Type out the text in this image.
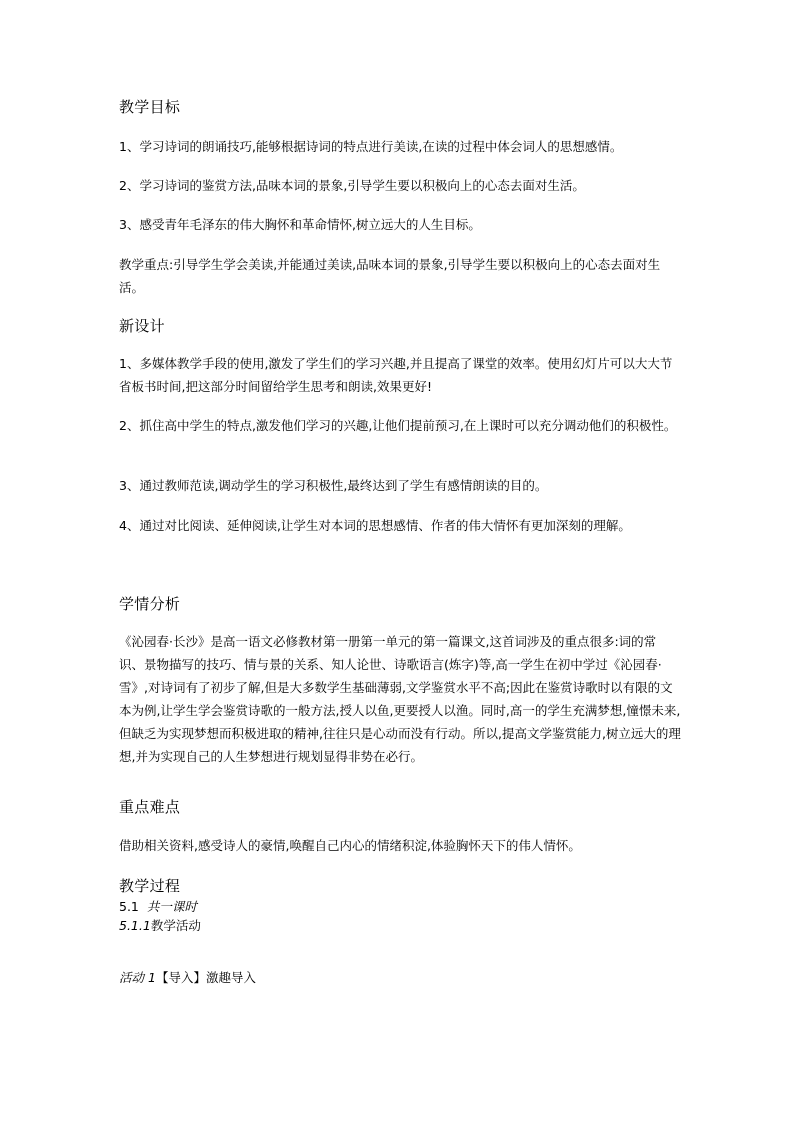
教学目标

1、学习诗词的朗诵技巧,能够根据诗词的特点进行美读,在读的过程中体会词人的思想感情。

2、学习诗词的鉴赏方法,品味本词的景象,引导学生要以积极向上的心态去面对生活。

3、感受青年毛泽东的伟大胸怀和革命情怀,树立远大的人生目标。

教学重点:引导学生学会美读,并能通过美读,品味本词的景象,引导学生要以积极向上的心态去面对生活。

新设计

1、多媒体教学手段的使用,激发了学生们的学习兴趣,并且提高了课堂的效率。使用幻灯片可以大大节省板书时间,把这部分时间留给学生思考和朗读,效果更好!

2、抓住高中学生的特点,激发他们学习的兴趣,让他们提前预习,在上课时可以充分调动他们的积极性。

3、通过教师范读,调动学生的学习积极性,最终达到了学生有感情朗读的目的。

4、通过对比阅读、延伸阅读,让学生对本词的思想感情、作者的伟大情怀有更加深刻的理解。

学情分析

《沁园春·长沙》是高一语文必修教材第一册第一单元的第一篇课文,这首词涉及的重点很多:词的常识、景物描写的技巧、情与景的关系、知人论世、诗歌语言(炼字)等,高一学生在初中学过《沁园春·雪》,对诗词有了初步了解,但是大多数学生基础薄弱,文学鉴赏水平不高;因此在鉴赏诗歌时以有限的文本为例,让学生学会鉴赏诗歌的一般方法,授人以鱼,更要授人以渔。同时,高一的学生充满梦想,憧憬未来,但缺乏为实现梦想而积极进取的精神,往往只是心动而没有行动。所以,提高文学鉴赏能力,树立远大的理想,并为实现自己的人生梦想进行规划显得非势在必行。

重点难点

借助相关资料,感受诗人的豪情,唤醒自己内心的情绪积淀,体验胸怀天下的伟人情怀。

教学过程
5.1 共一课时
5.1.1教学活动
活动 1【导入】激趣导入
